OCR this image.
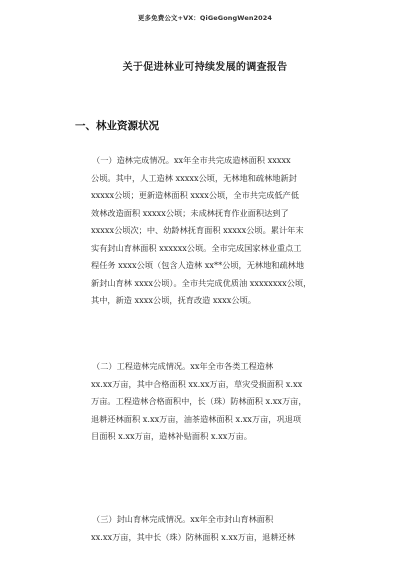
更多免费公文+VX：QiGeGongWen2024
关于促进林业可持续发展的调查报告
一、林业资源状况
（一）造林完成情况。xx年全市共完成造林面积 xxxxx
公顷。其中，人工造林 xxxxx公顷，无林地和疏林地新封
xxxxx公顷；更新造林面积 xxxx公顷，全市共完成低产低
效林改造面积 xxxxx公顷；未成林抚育作业面积达到了
xxxxx公顷次；中、幼龄林抚育面积 xxxxx公顷。累计年末
实有封山育林面积 xxxxxx公顷。全市完成国家林业重点工
程任务 xxxx公顷（包含人造林 xx**公顷，无林地和疏林地
新封山育林 xxxx公顷）。全市共完成优质油 xxxxxxxx公顷，
其中，新造 xxxx公顷，抚育改造 xxxx公顷。
（二）工程造林完成情况。xx年全市各类工程造林
xx.xx万亩，其中合格面积 xx.xx万亩，草灾受损面积 x.xx
万亩。工程造林合格面积中，长（珠）防林面积 x.xx万亩，
退耕还林面积 x.xx万亩，油茶造林面积 x.xx万亩，巩退项
目面积 x.xx万亩，造林补贴面积 x.xx万亩。
（三）封山育林完成情况。xx年全市封山育林面积
xx.xx万亩，其中长（珠）防林面积 x.xx万亩，退耕还林
